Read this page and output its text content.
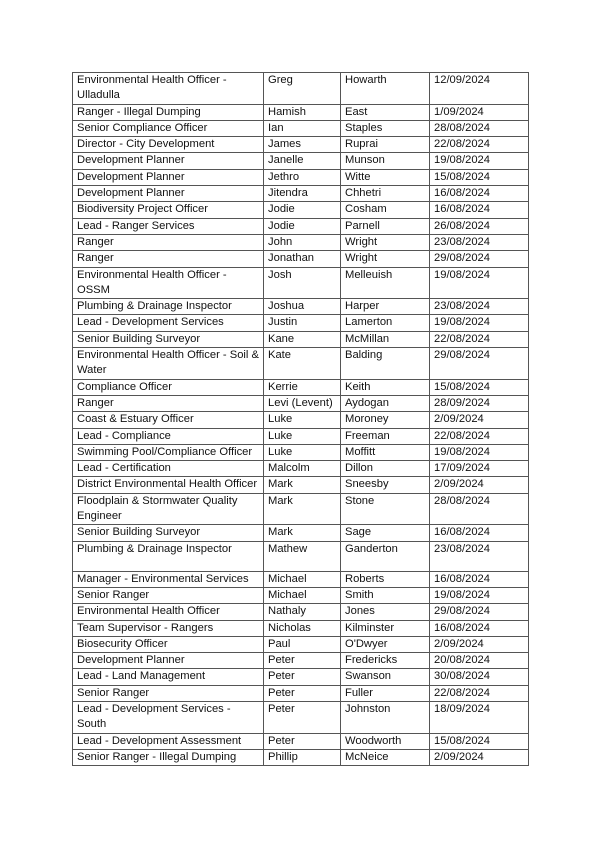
Environmental Health Officer - Ulladulla	Greg	Howarth	12/09/2024
Ranger - Illegal Dumping	Hamish	East	1/09/2024
Senior Compliance Officer	Ian	Staples	28/08/2024
Director - City Development	James	Ruprai	22/08/2024
Development Planner	Janelle	Munson	19/08/2024
Development Planner	Jethro	Witte	15/08/2024
Development Planner	Jitendra	Chhetri	16/08/2024
Biodiversity Project Officer	Jodie	Cosham	16/08/2024
Lead - Ranger Services	Jodie	Parnell	26/08/2024
Ranger	John	Wright	23/08/2024
Ranger	Jonathan	Wright	29/08/2024
Environmental Health Officer - OSSM	Josh	Melleuish	19/08/2024
Plumbing & Drainage Inspector	Joshua	Harper	23/08/2024
Lead - Development Services	Justin	Lamerton	19/08/2024
Senior Building Surveyor	Kane	McMillan	22/08/2024
Environmental Health Officer - Soil & Water	Kate	Balding	29/08/2024
Compliance Officer	Kerrie	Keith	15/08/2024
Ranger	Levi (Levent)	Aydogan	28/09/2024
Coast & Estuary Officer	Luke	Moroney	2/09/2024
Lead - Compliance	Luke	Freeman	22/08/2024
Swimming Pool/Compliance Officer	Luke	Moffitt	19/08/2024
Lead - Certification	Malcolm	Dillon	17/09/2024
District Environmental Health Officer	Mark	Sneesby	2/09/2024
Floodplain & Stormwater Quality Engineer	Mark	Stone	28/08/2024
Senior Building Surveyor	Mark	Sage	16/08/2024
Plumbing & Drainage Inspector	Mathew	Ganderton	23/08/2024
Manager - Environmental Services	Michael	Roberts	16/08/2024
Senior Ranger	Michael	Smith	19/08/2024
Environmental Health Officer	Nathaly	Jones	29/08/2024
Team Supervisor - Rangers	Nicholas	Kilminster	16/08/2024
Biosecurity Officer	Paul	O'Dwyer	2/09/2024
Development Planner	Peter	Fredericks	20/08/2024
Lead - Land Management	Peter	Swanson	30/08/2024
Senior Ranger	Peter	Fuller	22/08/2024
Lead - Development Services - South	Peter	Johnston	18/09/2024
Lead - Development Assessment	Peter	Woodworth	15/08/2024
Senior Ranger - Illegal Dumping	Phillip	McNeice	2/09/2024
